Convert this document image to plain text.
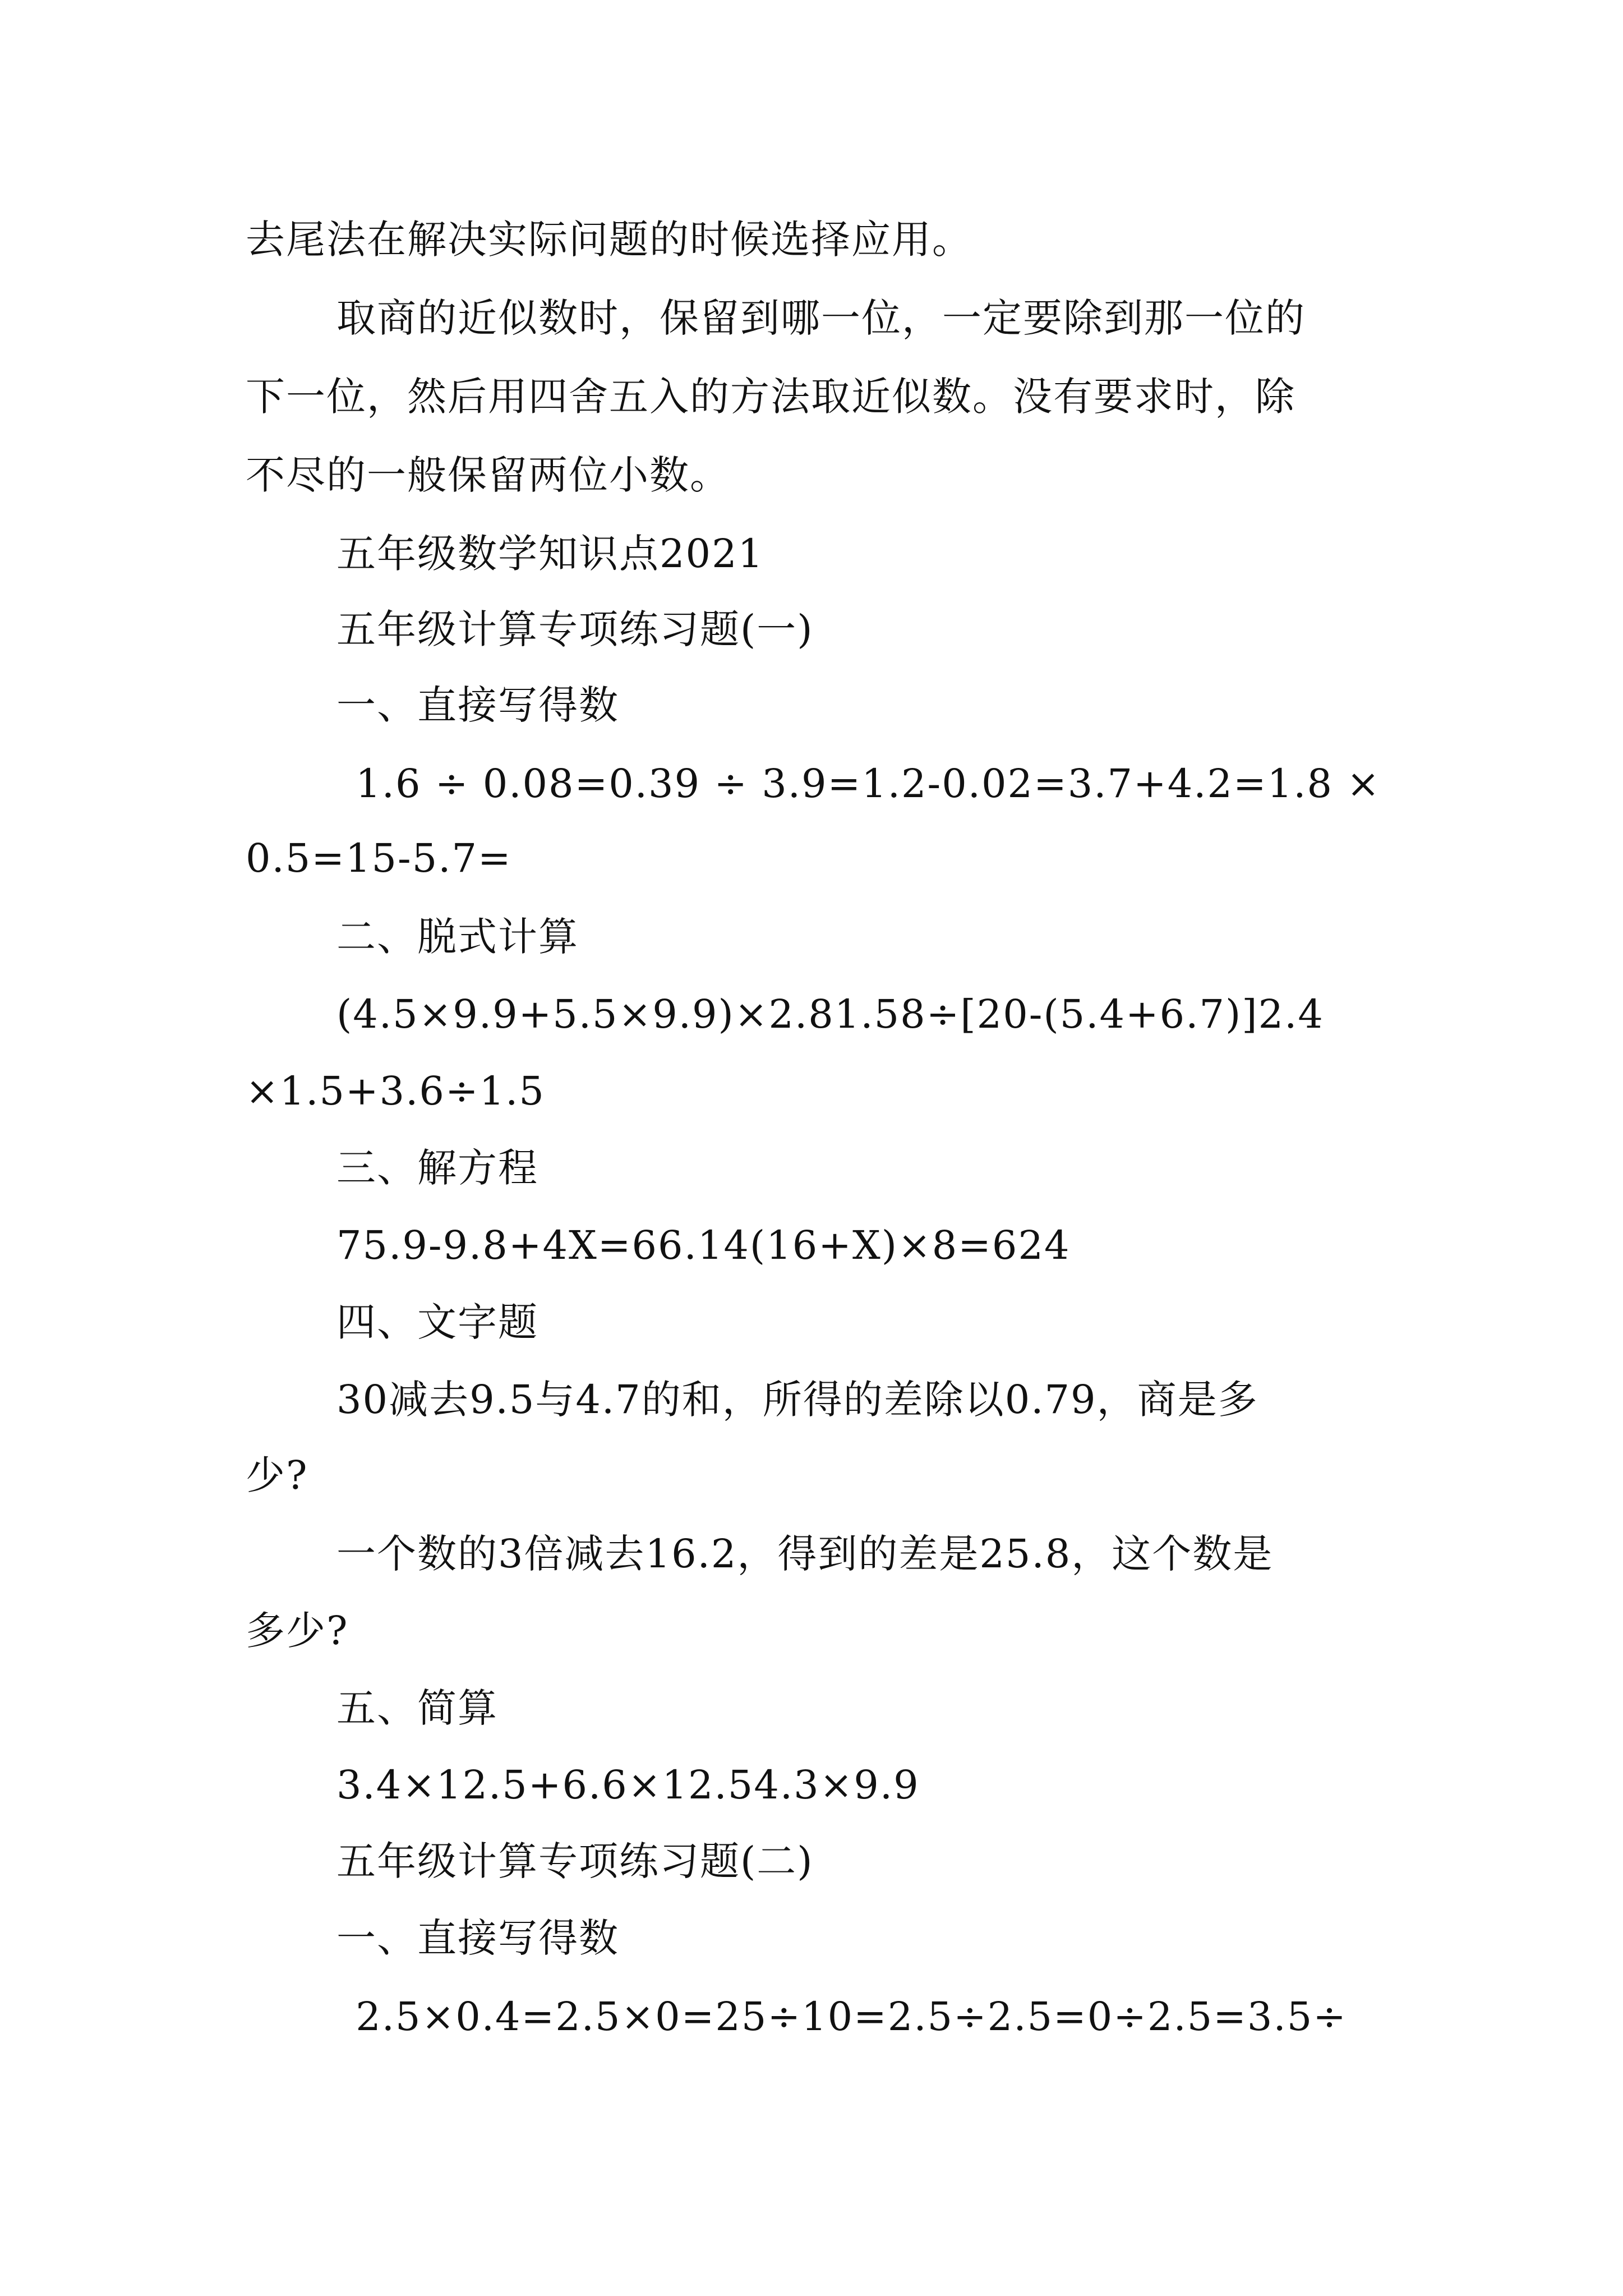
去尾法在解决实际问题的时候选择应用。
取商的近似数时，保留到哪一位，一定要除到那一位的
下一位，然后用四舍五入的方法取近似数。没有要求时，除
不尽的一般保留两位小数。
五年级数学知识点2021
五年级计算专项练习题(一)
一、直接写得数
1.6 ÷ 0.08=0.39 ÷ 3.9=1.2-0.02=3.7+4.2=1.8 ×
0.5=15-5.7=
二、脱式计算
(4.5×9.9+5.5×9.9)×2.81.58÷[20-(5.4+6.7)]2.4
×1.5+3.6÷1.5
三、解方程
75.9-9.8+4X=66.14(16+X)×8=624
四、文字题
30减去9.5与4.7的和，所得的差除以0.79，商是多
少?
一个数的3倍减去16.2，得到的差是25.8，这个数是
多少?
五、简算
3.4×12.5+6.6×12.54.3×9.9
五年级计算专项练习题(二)
一、直接写得数
2.5×0.4=2.5×0=25÷10=2.5÷2.5=0÷2.5=3.5÷
